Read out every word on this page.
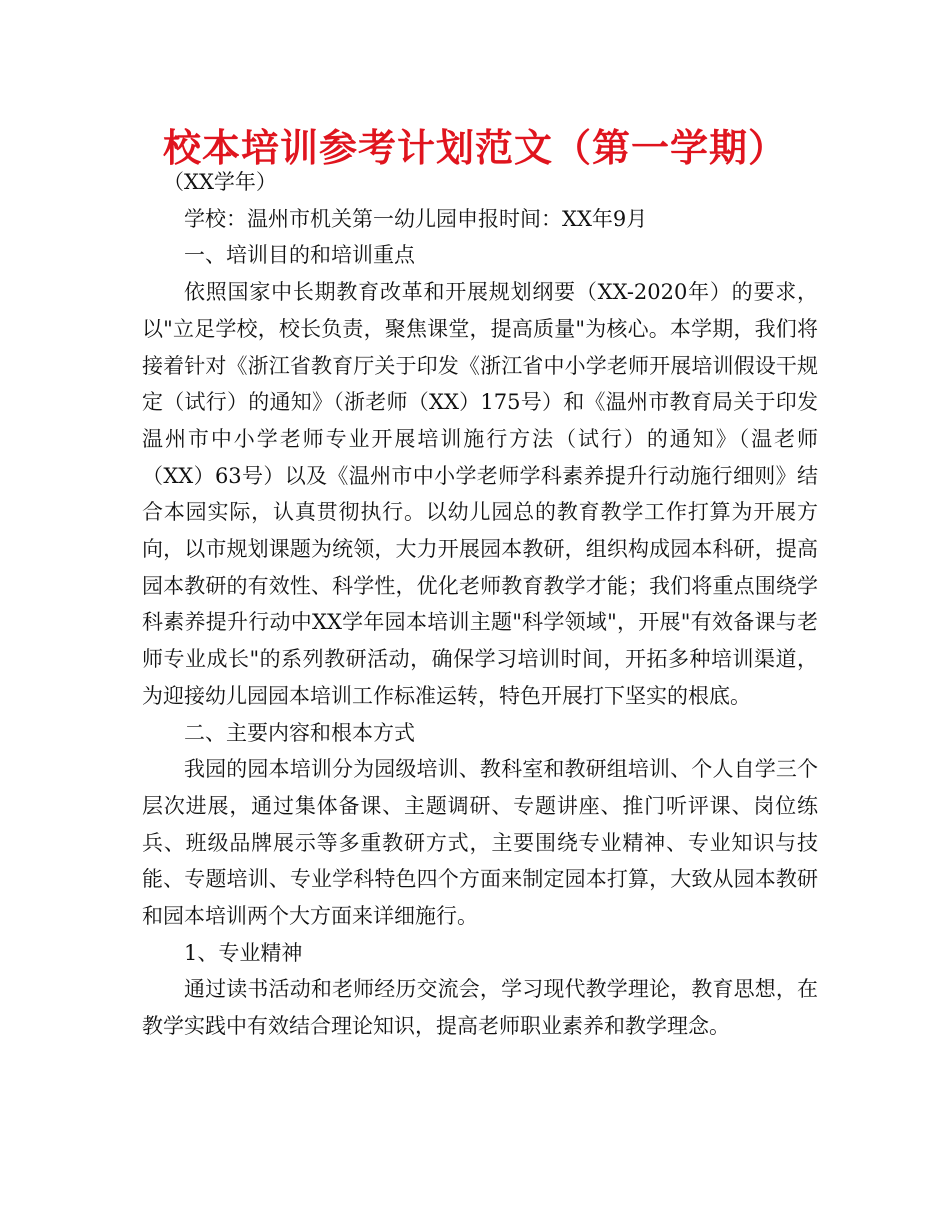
校本培训参考计划范文（第一学期）

（XX学年）

学校：温州市机关第一幼儿园申报时间：XX年9月

一、培训目的和培训重点

依照国家中长期教育改革和开展规划纲要（XX-2020年）的要求，以"立足学校，校长负责，聚焦课堂，提高质量"为核心。本学期，我们将接着针对《浙江省教育厅关于印发《浙江省中小学老师开展培训假设干规定（试行）的通知》（浙老师（XX）175号）和《温州市教育局关于印发温州市中小学老师专业开展培训施行方法（试行）的通知》（温老师（XX）63号）以及《温州市中小学老师学科素养提升行动施行细则》结合本园实际，认真贯彻执行。以幼儿园总的教育教学工作打算为开展方向，以市规划课题为统领，大力开展园本教研，组织构成园本科研，提高园本教研的有效性、科学性，优化老师教育教学才能；我们将重点围绕学科素养提升行动中XX学年园本培训主题"科学领域"，开展"有效备课与老师专业成长"的系列教研活动，确保学习培训时间，开拓多种培训渠道，为迎接幼儿园园本培训工作标准运转，特色开展打下坚实的根底。

二、主要内容和根本方式

我园的园本培训分为园级培训、教科室和教研组培训、个人自学三个层次进展，通过集体备课、主题调研、专题讲座、推门听评课、岗位练兵、班级品牌展示等多重教研方式，主要围绕专业精神、专业知识与技能、专题培训、专业学科特色四个方面来制定园本打算，大致从园本教研和园本培训两个大方面来详细施行。

1、专业精神

通过读书活动和老师经历交流会，学习现代教学理论，教育思想，在教学实践中有效结合理论知识，提高老师职业素养和教学理念。
